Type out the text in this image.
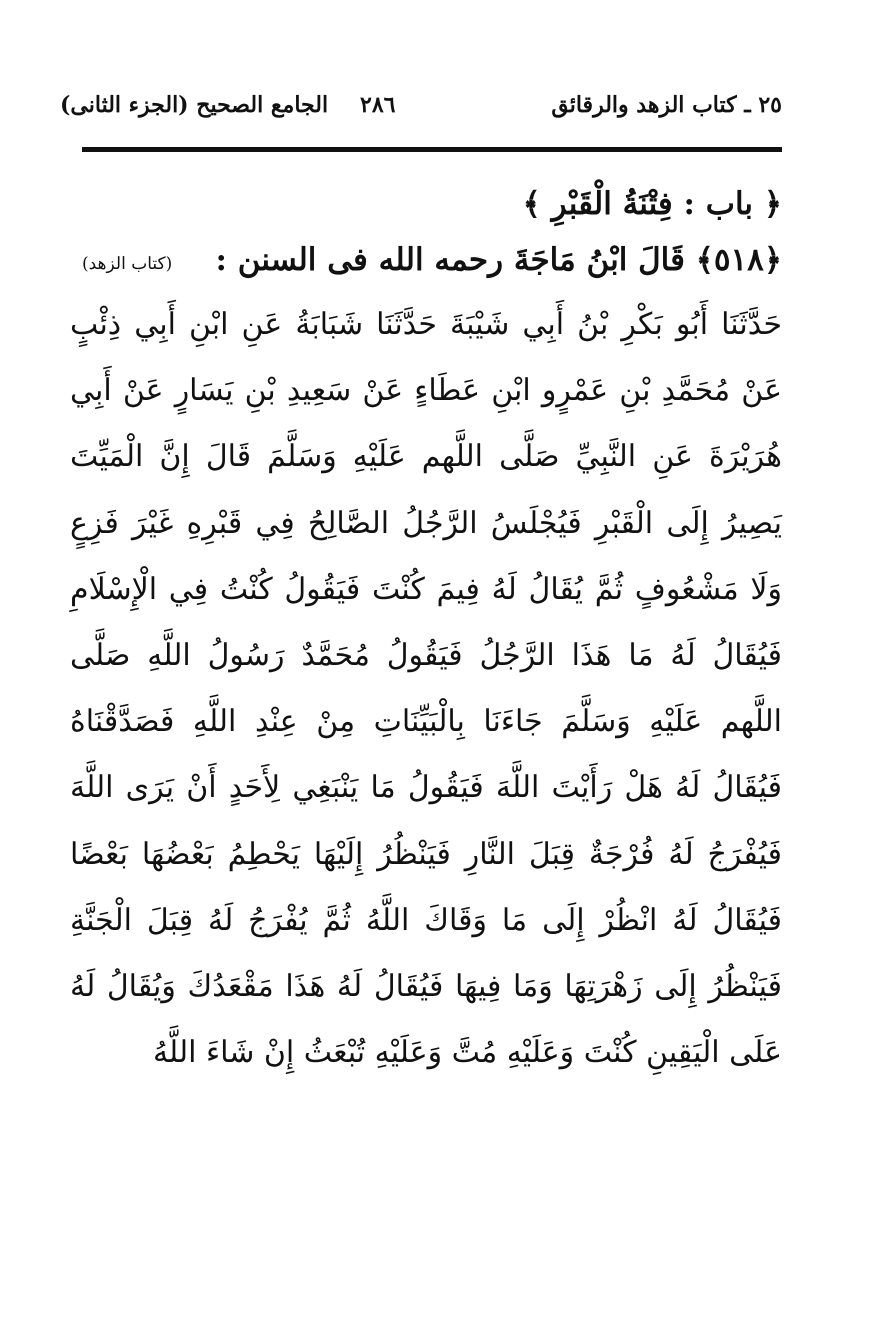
٢٥ ـ كتاب الزهد والرقائق
٢٨٦
الجامع الصحيح (الجزء الثانى)
﴿ باب : فِتْنَةُ الْقَبْرِ ﴾
﴿٥١٨﴾ قَالَ ابْنُ مَاجَةَ رحمه الله فى السنن :
(كتاب الزهد)
حَدَّثَنَا أَبُو بَكْرِ بْنُ أَبِي شَيْبَةَ حَدَّثَنَا شَبَابَةُ عَنِ ابْنِ أَبِي ذِئْبٍ
عَنْ مُحَمَّدِ بْنِ عَمْرٍو ابْنِ عَطَاءٍ عَنْ سَعِيدِ بْنِ يَسَارٍ عَنْ أَبِي
هُرَيْرَةَ عَنِ النَّبِيِّ صَلَّى اللَّهم عَلَيْهِ وَسَلَّمَ قَالَ إِنَّ الْمَيِّتَ
يَصِيرُ إِلَى الْقَبْرِ فَيُجْلَسُ الرَّجُلُ الصَّالِحُ فِي قَبْرِهِ غَيْرَ فَزِعٍ
وَلَا مَشْعُوفٍ ثُمَّ يُقَالُ لَهُ فِيمَ كُنْتَ فَيَقُولُ كُنْتُ فِي الْإِسْلَامِ
فَيُقَالُ لَهُ مَا هَذَا الرَّجُلُ فَيَقُولُ مُحَمَّدٌ رَسُولُ اللَّهِ صَلَّى
اللَّهم عَلَيْهِ وَسَلَّمَ جَاءَنَا بِالْبَيِّنَاتِ مِنْ عِنْدِ اللَّهِ فَصَدَّقْنَاهُ
فَيُقَالُ لَهُ هَلْ رَأَيْتَ اللَّهَ فَيَقُولُ مَا يَنْبَغِي لِأَحَدٍ أَنْ يَرَى اللَّهَ
فَيُفْرَجُ لَهُ فُرْجَةٌ قِبَلَ النَّارِ فَيَنْظُرُ إِلَيْهَا يَحْطِمُ بَعْضُهَا بَعْضًا
فَيُقَالُ لَهُ انْظُرْ إِلَى مَا وَقَاكَ اللَّهُ ثُمَّ يُفْرَجُ لَهُ قِبَلَ الْجَنَّةِ
فَيَنْظُرُ إِلَى زَهْرَتِهَا وَمَا فِيهَا فَيُقَالُ لَهُ هَذَا مَقْعَدُكَ وَيُقَالُ لَهُ
عَلَى الْيَقِينِ كُنْتَ وَعَلَيْهِ مُتَّ وَعَلَيْهِ تُبْعَثُ إِنْ شَاءَ اللَّهُ
